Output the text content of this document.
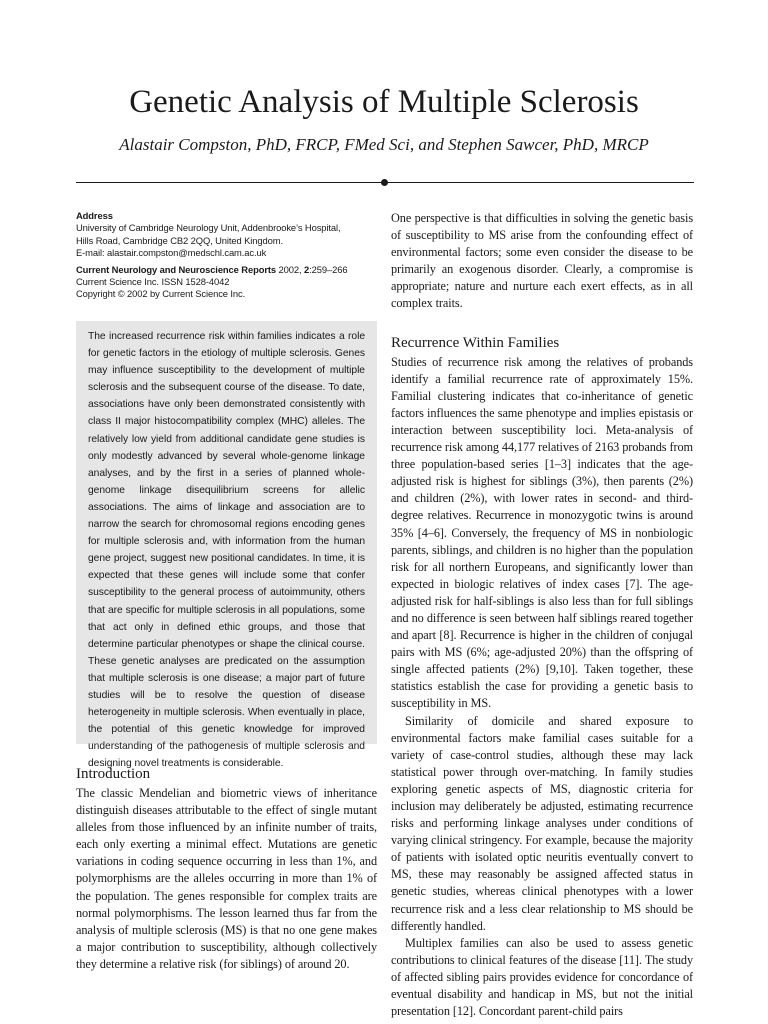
Genetic Analysis of Multiple Sclerosis
Alastair Compston, PhD, FRCP, FMed Sci, and Stephen Sawcer, PhD, MRCP
Address
University of Cambridge Neurology Unit, Addenbrooke’s Hospital,
Hills Road, Cambridge CB2 2QQ, United Kingdom.
E-mail: alastair.compston@medschl.cam.ac.uk
Current Neurology and Neuroscience Reports 2002, 2:259–266
Current Science Inc. ISSN 1528-4042
Copyright © 2002 by Current Science Inc.

The increased recurrence risk within families indicates a role for genetic factors in the etiology of multiple sclerosis. Genes may influence susceptibility to the development of multiple sclerosis and the subsequent course of the disease. To date, associations have only been demonstrated consistently with class II major histocompatibility complex (MHC) alleles. The relatively low yield from additional candidate gene studies is only modestly advanced by several whole-genome linkage analyses, and by the first in a series of planned whole-genome linkage disequilibrium screens for allelic associations. The aims of linkage and association are to narrow the search for chromosomal regions encoding genes for multiple sclerosis and, with information from the human gene project, suggest new positional candidates. In time, it is expected that these genes will include some that confer susceptibility to the general process of autoimmunity, others that are specific for multiple sclerosis in all populations, some that act only in defined ethic groups, and those that determine particular phenotypes or shape the clinical course. These genetic analyses are predicated on the assumption that multiple sclerosis is one disease; a major part of future studies will be to resolve the question of disease heterogeneity in multiple sclerosis. When eventually in place, the potential of this genetic knowledge for improved understanding of the pathogenesis of multiple sclerosis and designing novel treatments is considerable.

Introduction

The classic Mendelian and biometric views of inheritance distinguish diseases attributable to the effect of single mutant alleles from those influenced by an infinite number of traits, each only exerting a minimal effect. Mutations are genetic variations in coding sequence occurring in less than 1%, and polymorphisms are the alleles occurring in more than 1% of the population. The genes responsible for complex traits are normal polymorphisms. The lesson learned thus far from the analysis of multiple sclerosis (MS) is that no one gene makes a major contribution to susceptibility, although collectively they determine a relative risk (for siblings) of around 20.

One perspective is that difficulties in solving the genetic basis of susceptibility to MS arise from the confounding effect of environmental factors; some even consider the disease to be primarily an exogenous disorder. Clearly, a compromise is appropriate; nature and nurture each exert effects, as in all complex traits.

Recurrence Within Families

Studies of recurrence risk among the relatives of probands identify a familial recurrence rate of approximately 15%. Familial clustering indicates that co-inheritance of genetic factors influences the same phenotype and implies epistasis or interaction between susceptibility loci. Meta-analysis of recurrence risk among 44,177 relatives of 2163 probands from three population-based series [1–3] indicates that the age-adjusted risk is highest for siblings (3%), then parents (2%) and children (2%), with lower rates in second- and third-degree relatives. Recurrence in monozygotic twins is around 35% [4–6]. Conversely, the frequency of MS in nonbiologic parents, siblings, and children is no higher than the population risk for all northern Europeans, and significantly lower than expected in biologic relatives of index cases [7]. The age-adjusted risk for half-siblings is also less than for full siblings and no difference is seen between half siblings reared together and apart [8]. Recurrence is higher in the children of conjugal pairs with MS (6%; age-adjusted 20%) than the offspring of single affected patients (2%) [9,10]. Taken together, these statistics establish the case for providing a genetic basis to susceptibility in MS.

Similarity of domicile and shared exposure to environmental factors make familial cases suitable for a variety of case-control studies, although these may lack statistical power through over-matching. In family studies exploring genetic aspects of MS, diagnostic criteria for inclusion may deliberately be adjusted, estimating recurrence risks and performing linkage analyses under conditions of varying clinical stringency. For example, because the majority of patients with isolated optic neuritis eventually convert to MS, these may reasonably be assigned affected status in genetic studies, whereas clinical phenotypes with a lower recurrence risk and a less clear relationship to MS should be differently handled.

Multiplex families can also be used to assess genetic contributions to clinical features of the disease [11]. The study of affected sibling pairs provides evidence for concordance of eventual disability and handicap in MS, but not the initial presentation [12]. Concordant parent-child pairs
